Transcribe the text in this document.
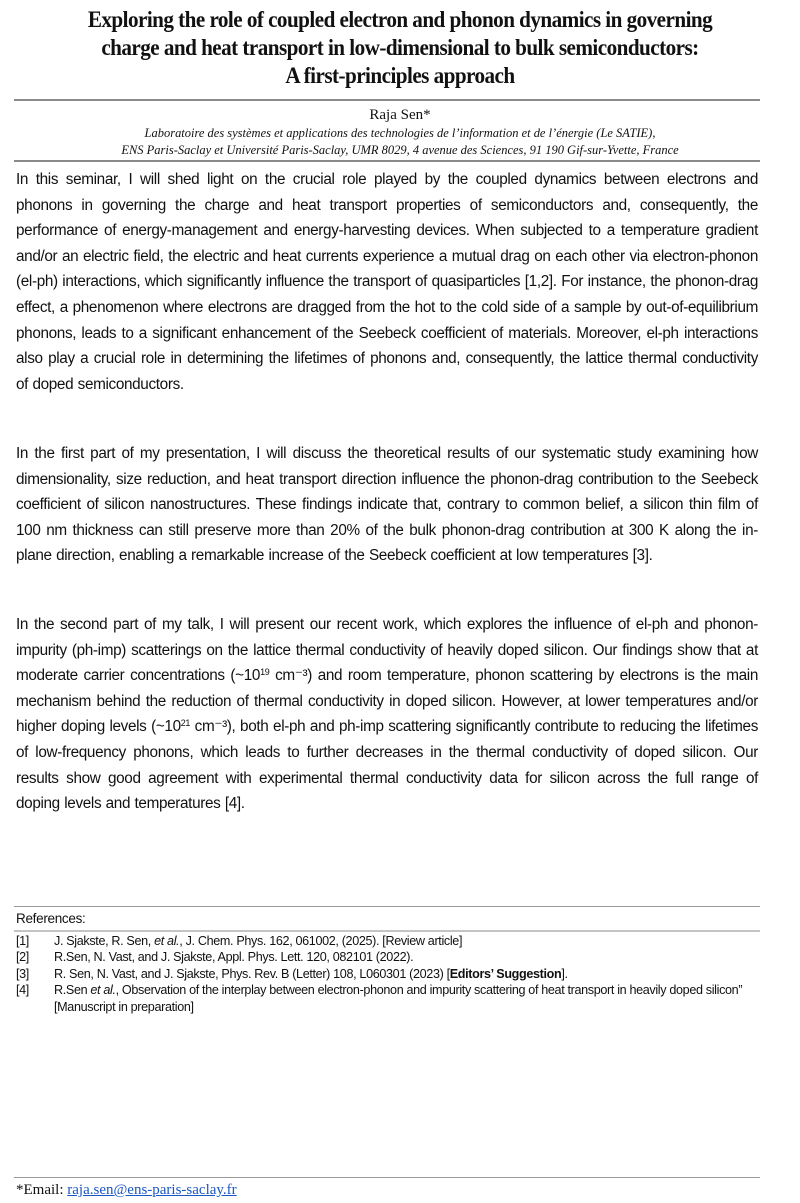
Exploring the role of coupled electron and phonon dynamics in governing
charge and heat transport in low-dimensional to bulk semiconductors:
A first-principles approach
Raja Sen*
Laboratoire des systèmes et applications des technologies de l’information et de l’énergie (Le SATIE),
ENS Paris-Saclay et Université Paris-Saclay, UMR 8029, 4 avenue des Sciences, 91 190 Gif-sur-Yvette, France

In this seminar, I will shed light on the crucial role played by the coupled dynamics between electrons and phonons in governing the charge and heat transport properties of semiconductors and, consequently, the performance of energy-management and energy-harvesting devices. When subjected to a temperature gradient and/or an electric field, the electric and heat currents experience a mutual drag on each other via electron-phonon (el-ph) interactions, which significantly influence the transport of quasiparticles [1,2]. For instance, the phonon-drag effect, a phenomenon where electrons are dragged from the hot to the cold side of a sample by out-of-equilibrium phonons, leads to a significant enhancement of the Seebeck coefficient of materials. Moreover, el-ph interactions also play a crucial role in determining the lifetimes of phonons and, consequently, the lattice thermal conductivity of doped semiconductors.

In the first part of my presentation, I will discuss the theoretical results of our systematic study examining how dimensionality, size reduction, and heat transport direction influence the phonon-drag contribution to the Seebeck coefficient of silicon nanostructures. These findings indicate that, contrary to common belief, a silicon thin film of 100 nm thickness can still preserve more than 20% of the bulk phonon-drag contribution at 300 K along the in-plane direction, enabling a remarkable increase of the Seebeck coefficient at low temperatures [3].

In the second part of my talk, I will present our recent work, which explores the influence of el-ph and phonon-impurity (ph-imp) scatterings on the lattice thermal conductivity of heavily doped silicon. Our findings show that at moderate carrier concentrations ($\sim 10^{19}$ cm⁻³) and room temperature, phonon scattering by electrons is the main mechanism behind the reduction of thermal conductivity in doped silicon. However, at lower temperatures and/or higher doping levels ($\sim 10^{21}$ cm⁻³), both el-ph and ph-imp scattering significantly contribute to reducing the lifetimes of low-frequency phonons, which leads to further decreases in the thermal conductivity of doped silicon. Our results show good agreement with experimental thermal conductivity data for silicon across the full range of doping levels and temperatures [4].

References:
[1]	J. Sjakste, R. Sen, et al., J. Chem. Phys. 162, 061002, (2025). [Review article]
[2]	R.Sen, N. Vast, and J. Sjakste, Appl. Phys. Lett. 120, 082101 (2022).
[3]	R. Sen, N. Vast, and J. Sjakste, Phys. Rev. B (Letter) 108, L060301 (2023) [Editors’ Suggestion].
[4]	R.Sen et al., Observation of the interplay between electron-phonon and impurity scattering of heat transport in heavily doped silicon” [Manuscript in preparation]
*Email: raja.sen@ens-paris-saclay.fr
